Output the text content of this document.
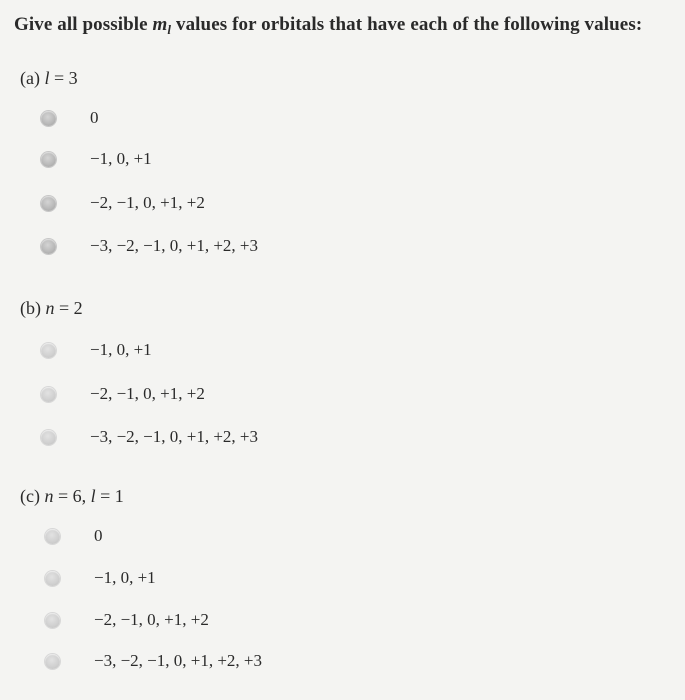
Give all possible $m_l$ values for orbitals that have each of the following values:
(a) l = 3
0
−1, 0, +1
−2, −1, 0, +1, +2
−3, −2, −1, 0, +1, +2, +3
(b) n = 2
−1, 0, +1
−2, −1, 0, +1, +2
−3, −2, −1, 0, +1, +2, +3
(c) n = 6, l = 1
0
−1, 0, +1
−2, −1, 0, +1, +2
−3, −2, −1, 0, +1, +2, +3
